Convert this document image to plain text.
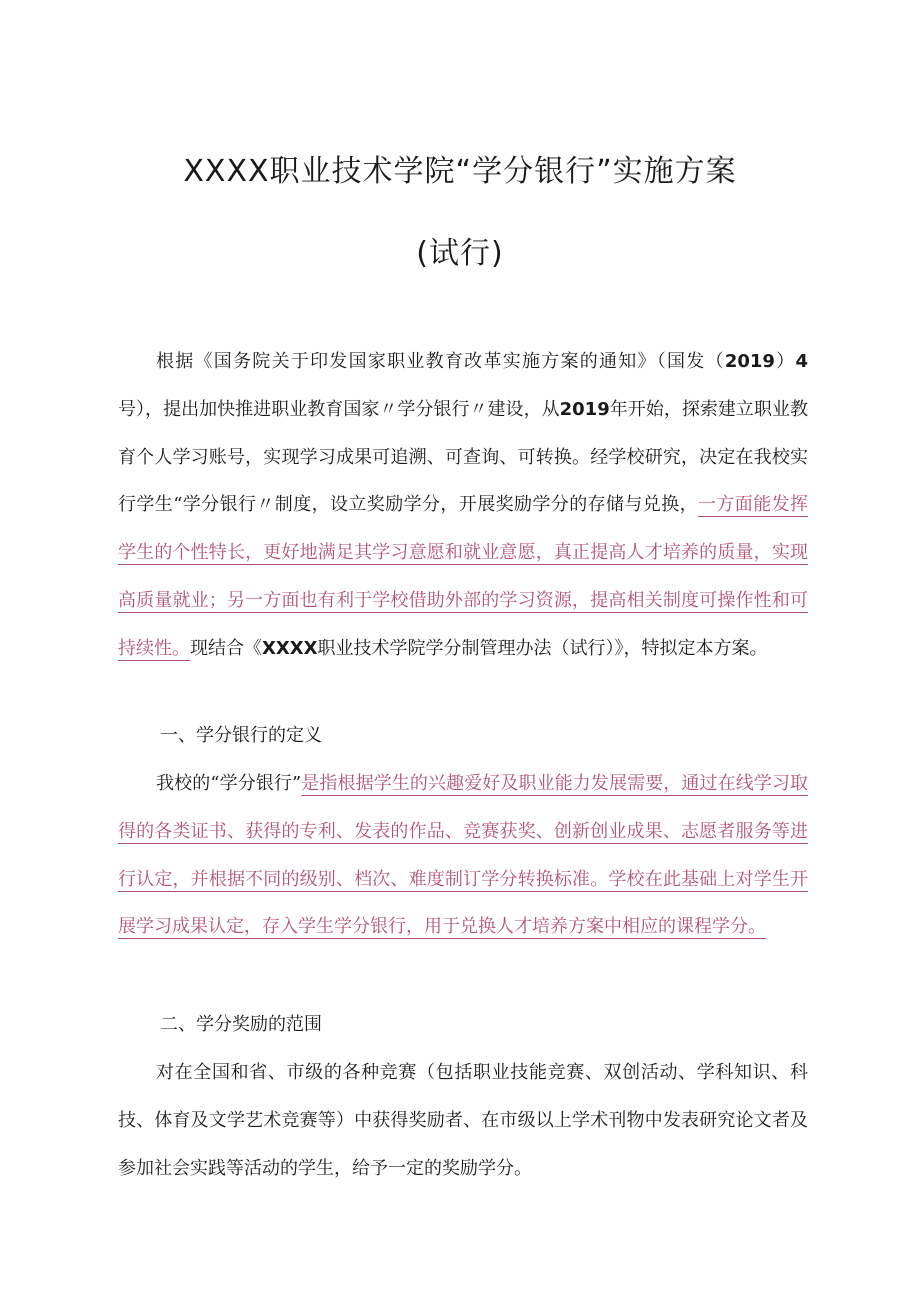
XXXX职业技术学院“学分银行”实施方案
(试行)

根据《国务院关于印发国家职业教育改革实施方案的通知》（国发（2019）4号），提出加快推进职业教育国家〃学分银行〃建设，从2019年开始，探索建立职业教育个人学习账号，实现学习成果可追溯、可查询、可转换。经学校研究，决定在我校实行学生“学分银行〃制度，设立奖励学分，开展奖励学分的存储与兑换，一方面能发挥学生的个性特长，更好地满足其学习意愿和就业意愿，真正提高人才培养的质量，实现高质量就业；另一方面也有利于学校借助外部的学习资源，提高相关制度可操作性和可持续性。现结合《XXXX职业技术学院学分制管理办法（试行）》，特拟定本方案。

一、学分银行的定义

我校的“学分银行”是指根据学生的兴趣爱好及职业能力发展需要，通过在线学习取得的各类证书、获得的专利、发表的作品、竞赛获奖、创新创业成果、志愿者服务等进行认定，并根据不同的级别、档次、难度制订学分转换标准。学校在此基础上对学生开展学习成果认定，存入学生学分银行，用于兑换人才培养方案中相应的课程学分。

二、学分奖励的范围

对在全国和省、市级的各种竞赛（包括职业技能竞赛、双创活动、学科知识、科技、体育及文学艺术竞赛等）中获得奖励者、在市级以上学术刊物中发表研究论文者及参加社会实践等活动的学生，给予一定的奖励学分。
